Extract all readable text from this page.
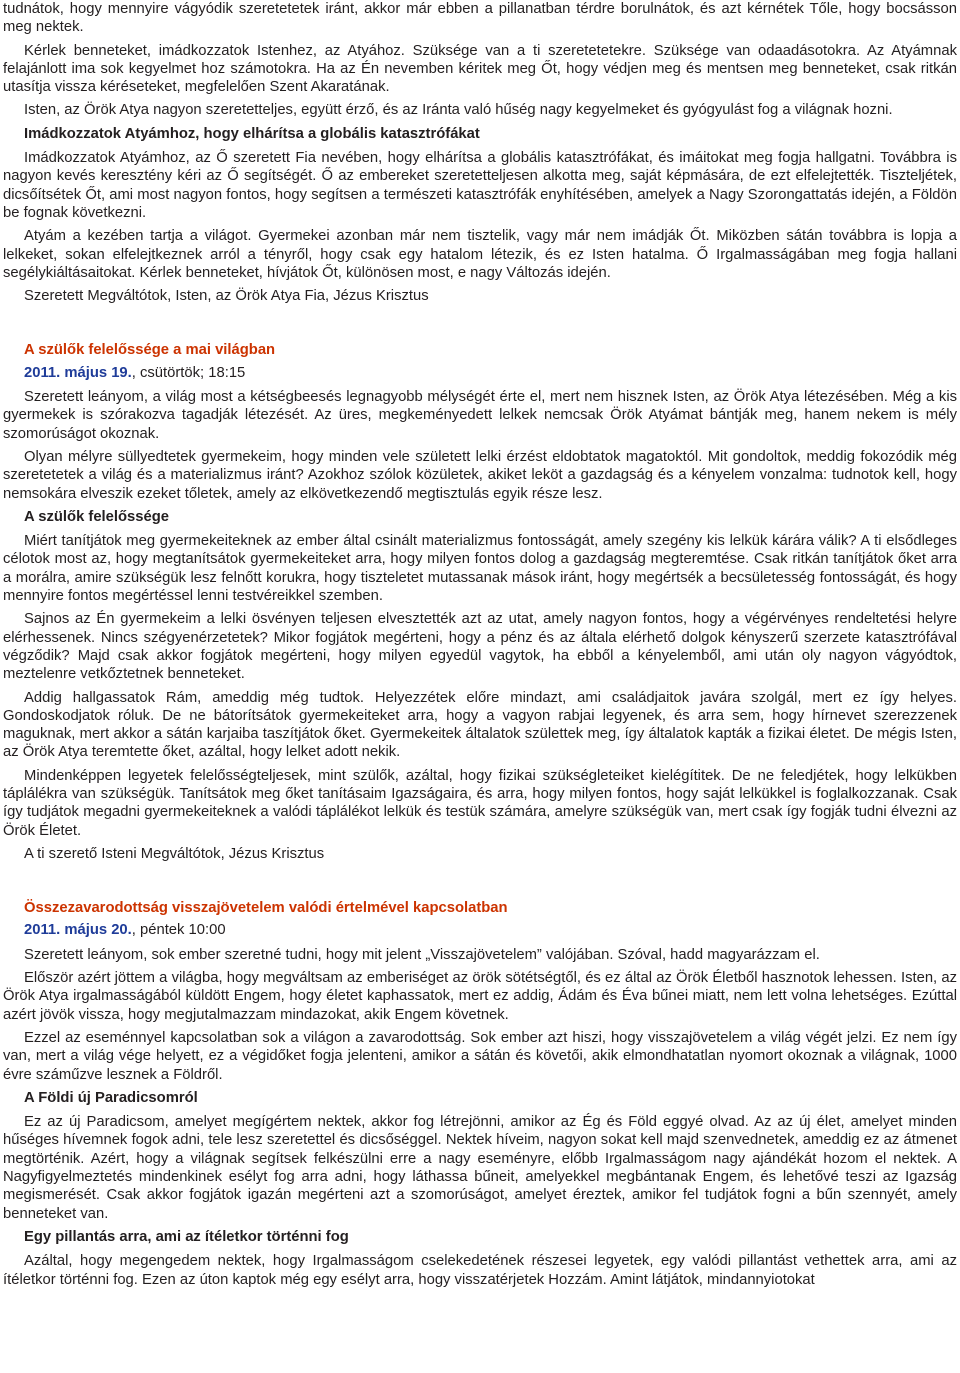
tudnátok, hogy mennyire vágyódik szeretetetek iránt, akkor már ebben a pillanatban térdre borulnátok, és azt kérnétek Tőle, hogy bocsásson meg nektek.

Kérlek benneteket, imádkozzatok Istenhez, az Atyához. Szüksége van a ti szeretetetekre. Szüksége van odaadásotokra. Az Atyámnak felajánlott ima sok kegyelmet hoz számotokra. Ha az Én nevemben kéritek meg Őt, hogy védjen meg és mentsen meg benneteket, csak ritkán utasítja vissza kéréseteket, megfelelően Szent Akaratának.

Isten, az Örök Atya nagyon szeretetteljes, együtt érző, és az Iránta való hűség nagy kegyelmeket és gyógyulást fog a világnak hozni.

Imádkozzatok Atyámhoz, hogy elhárítsa a globális katasztrófákat

Imádkozzatok Atyámhoz, az Ő szeretett Fia nevében, hogy elhárítsa a globális katasztrófákat, és imáitokat meg fogja hallgatni. Továbbra is nagyon kevés keresztény kéri az Ő segítségét. Ő az embereket szeretetteljesen alkotta meg, saját képmására, de ezt elfelejtették. Tiszteljétek, dicsőítsétek Őt, ami most nagyon fontos, hogy segítsen a természeti katasztrófák enyhítésében, amelyek a Nagy Szorongattatás idején, a Földön be fognak következni.

Atyám a kezében tartja a világot. Gyermekei azonban már nem tisztelik, vagy már nem imádják Őt. Miközben sátán továbbra is lopja a lelkeket, sokan elfelejtkeznek arról a tényről, hogy csak egy hatalom létezik, és ez Isten hatalma. Ő Irgalmasságában meg fogja hallani segélykiáltásaitokat. Kérlek benneteket, hívjátok Őt, különösen most, e nagy Változás idején.

Szeretett Megváltótok, Isten, az Örök Atya Fia, Jézus Krisztus

A szülők felelőssége a mai világban
2011. május 19., csütörtök; 18:15

Szeretett leányom, a világ most a kétségbeesés legnagyobb mélységét érte el, mert nem hisznek Isten, az Örök Atya létezésében. Még a kis gyermekek is szórakozva tagadják létezését. Az üres, megkeményedett lelkek nemcsak Örök Atyámat bántják meg, hanem nekem is mély szomorúságot okoznak.

Olyan mélyre süllyedtetek gyermekeim, hogy minden vele született lelki érzést eldobtatok magatoktól. Mit gondoltok, meddig fokozódik még szeretetetek a világ és a materializmus iránt? Azokhoz szólok közületek, akiket leköt a gazdagság és a kényelem vonzalma: tudnotok kell, hogy nemsokára elveszik ezeket tőletek, amely az elkövetkezendő megtisztulás egyik része lesz.

A szülők felelőssége

Miért tanítjátok meg gyermekeiteknek az ember által csinált materializmus fontosságát, amely szegény kis lelkük kárára válik? A ti elsődleges célotok most az, hogy megtanítsátok gyermekeiteket arra, hogy milyen fontos dolog a gazdagság megteremtése. Csak ritkán tanítjátok őket arra a morálra, amire szükségük lesz felnőtt korukra, hogy tiszteletet mutassanak mások iránt, hogy megértsék a becsületesség fontosságát, és hogy mennyire fontos megértéssel lenni testvéreikkel szemben.

Sajnos az Én gyermekeim a lelki ösvényen teljesen elvesztették azt az utat, amely nagyon fontos, hogy a végérvényes rendeltetési helyre elérhessenek. Nincs szégyenérzetetek? Mikor fogjátok megérteni, hogy a pénz és az általa elérhető dolgok kényszerű szerzete katasztrófával végződik? Majd csak akkor fogjátok megérteni, hogy milyen egyedül vagytok, ha ebből a kényelemből, ami után oly nagyon vágyódtok, meztelenre vetkőztetnek benneteket.

Addig hallgassatok Rám, ameddig még tudtok. Helyezzétek előre mindazt, ami családjaitok javára szolgál, mert ez így helyes. Gondoskodjatok róluk. De ne bátorítsátok gyermekeiteket arra, hogy a vagyon rabjai legyenek, és arra sem, hogy hírnevet szerezzenek maguknak, mert akkor a sátán karjaiba taszítjátok őket. Gyermekeitek általatok születtek meg, így általatok kapták a fizikai életet. De mégis Isten, az Örök Atya teremtette őket, azáltal, hogy lelket adott nekik.

Mindenképpen legyetek felelősségteljesek, mint szülők, azáltal, hogy fizikai szükségleteiket kielégítitek. De ne feledjétek, hogy lelkükben táplálékra van szükségük. Tanítsátok meg őket tanításaim Igazságaira, és arra, hogy milyen fontos, hogy saját lelkükkel is foglalkozzanak. Csak így tudjátok megadni gyermekeiteknek a valódi táplálékot lelkük és testük számára, amelyre szükségük van, mert csak így fogják tudni élvezni az Örök Életet.

A ti szerető Isteni Megváltótok, Jézus Krisztus

Összezavarodottság visszajövetelem valódi értelmével kapcsolatban
2011. május 20., péntek 10:00

Szeretett leányom, sok ember szeretné tudni, hogy mit jelent „Visszajövetelem” valójában. Szóval, hadd magyarázzam el.

Először azért jöttem a világba, hogy megváltsam az emberiséget az örök sötétségtől, és ez által az Örök Életből hasznotok lehessen. Isten, az Örök Atya irgalmasságából küldött Engem, hogy életet kaphassatok, mert ez addig, Ádám és Éva bűnei miatt, nem lett volna lehetséges. Ezúttal azért jövök vissza, hogy megjutalmazzam mindazokat, akik Engem követnek.

Ezzel az eseménnyel kapcsolatban sok a világon a zavarodottság. Sok ember azt hiszi, hogy visszajövetelem a világ végét jelzi. Ez nem így van, mert a világ vége helyett, ez a végidőket fogja jelenteni, amikor a sátán és követői, akik elmondhatatlan nyomort okoznak a világnak, 1000 évre száműzve lesznek a Földről.

A Földi új Paradicsomról

Ez az új Paradicsom, amelyet megígértem nektek, akkor fog létrejönni, amikor az Ég és Föld eggyé olvad. Az az új élet, amelyet minden hűséges hívemnek fogok adni, tele lesz szeretettel és dicsőséggel. Nektek híveim, nagyon sokat kell majd szenvednetek, ameddig ez az átmenet megtörténik. Azért, hogy a világnak segítsek felkészülni erre a nagy eseményre, előbb Irgalmasságom nagy ajándékát hozom el nektek. A Nagyfigyelmeztetés mindenkinek esélyt fog arra adni, hogy láthassa bűneit, amelyekkel megbántanak Engem, és lehetővé teszi az Igazság megismerését. Csak akkor fogjátok igazán megérteni azt a szomorúságot, amelyet éreztek, amikor fel tudjátok fogni a bűn szennyét, amely benneteket van.

Egy pillantás arra, ami az ítéletkor történni fog

Azáltal, hogy megengedem nektek, hogy Irgalmasságom cselekedetének részesei legyetek, egy valódi pillantást vethettek arra, ami az ítéletkor történni fog. Ezen az úton kaptok még egy esélyt arra, hogy visszatérjetek Hozzám. Amint látjátok, mindannyiotokat
